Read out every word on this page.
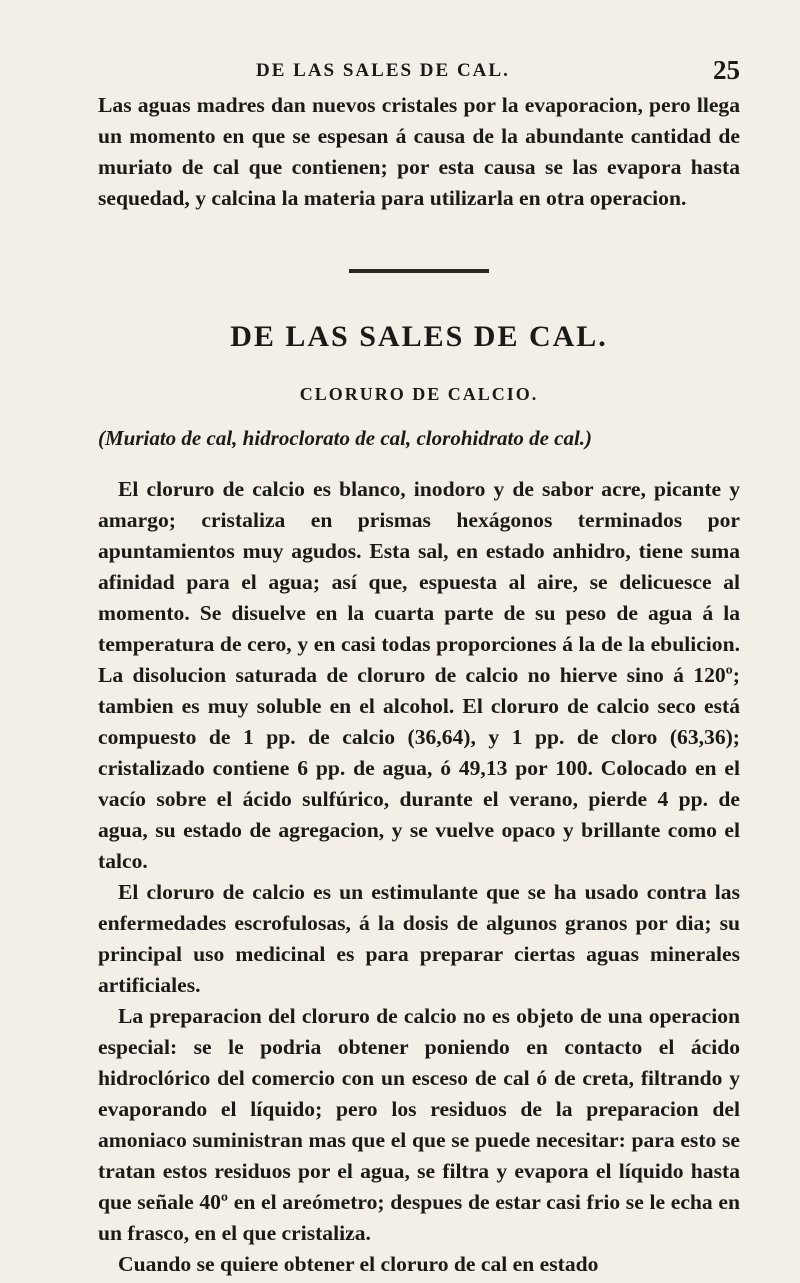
DE LAS SALES DE CAL.	25

Las aguas madres dan nuevos cristales por la evaporacion, pero llega un momento en que se espesan á causa de la abundante cantidad de muriato de cal que contienen; por esta causa se las evapora hasta sequedad, y calcina la materia para utilizarla en otra operacion.

DE LAS SALES DE CAL.
CLORURO DE CALCIO.

(Muriato de cal, hidroclorato de cal, clorohidrato de cal.)

El cloruro de calcio es blanco, inodoro y de sabor acre, picante y amargo; cristaliza en prismas hexágonos terminados por apuntamientos muy agudos. Esta sal, en estado anhidro, tiene suma afinidad para el agua; así que, espuesta al aire, se delicuesce al momento. Se disuelve en la cuarta parte de su peso de agua á la temperatura de cero, y en casi todas proporciones á la de la ebulicion. La disolucion saturada de cloruro de calcio no hierve sino á 120º; tambien es muy soluble en el alcohol. El cloruro de calcio seco está compuesto de 1 pp. de calcio (36,64), y 1 pp. de cloro (63,36); cristalizado contiene 6 pp. de agua, ó 49,13 por 100. Colocado en el vacío sobre el ácido sulfúrico, durante el verano, pierde 4 pp. de agua, su estado de agregacion, y se vuelve opaco y brillante como el talco.

El cloruro de calcio es un estimulante que se ha usado contra las enfermedades escrofulosas, á la dosis de algunos granos por dia; su principal uso medicinal es para preparar ciertas aguas minerales artificiales.

La preparacion del cloruro de calcio no es objeto de una operacion especial: se le podria obtener poniendo en contacto el ácido hidroclórico del comercio con un esceso de cal ó de creta, filtrando y evaporando el líquido; pero los residuos de la preparacion del amoniaco suministran mas que el que se puede necesitar: para esto se tratan estos residuos por el agua, se filtra y evapora el líquido hasta que señale 40º en el areómetro; despues de estar casi frio se le echa en un frasco, en el que cristaliza.

Cuando se quiere obtener el cloruro de cal en estado
